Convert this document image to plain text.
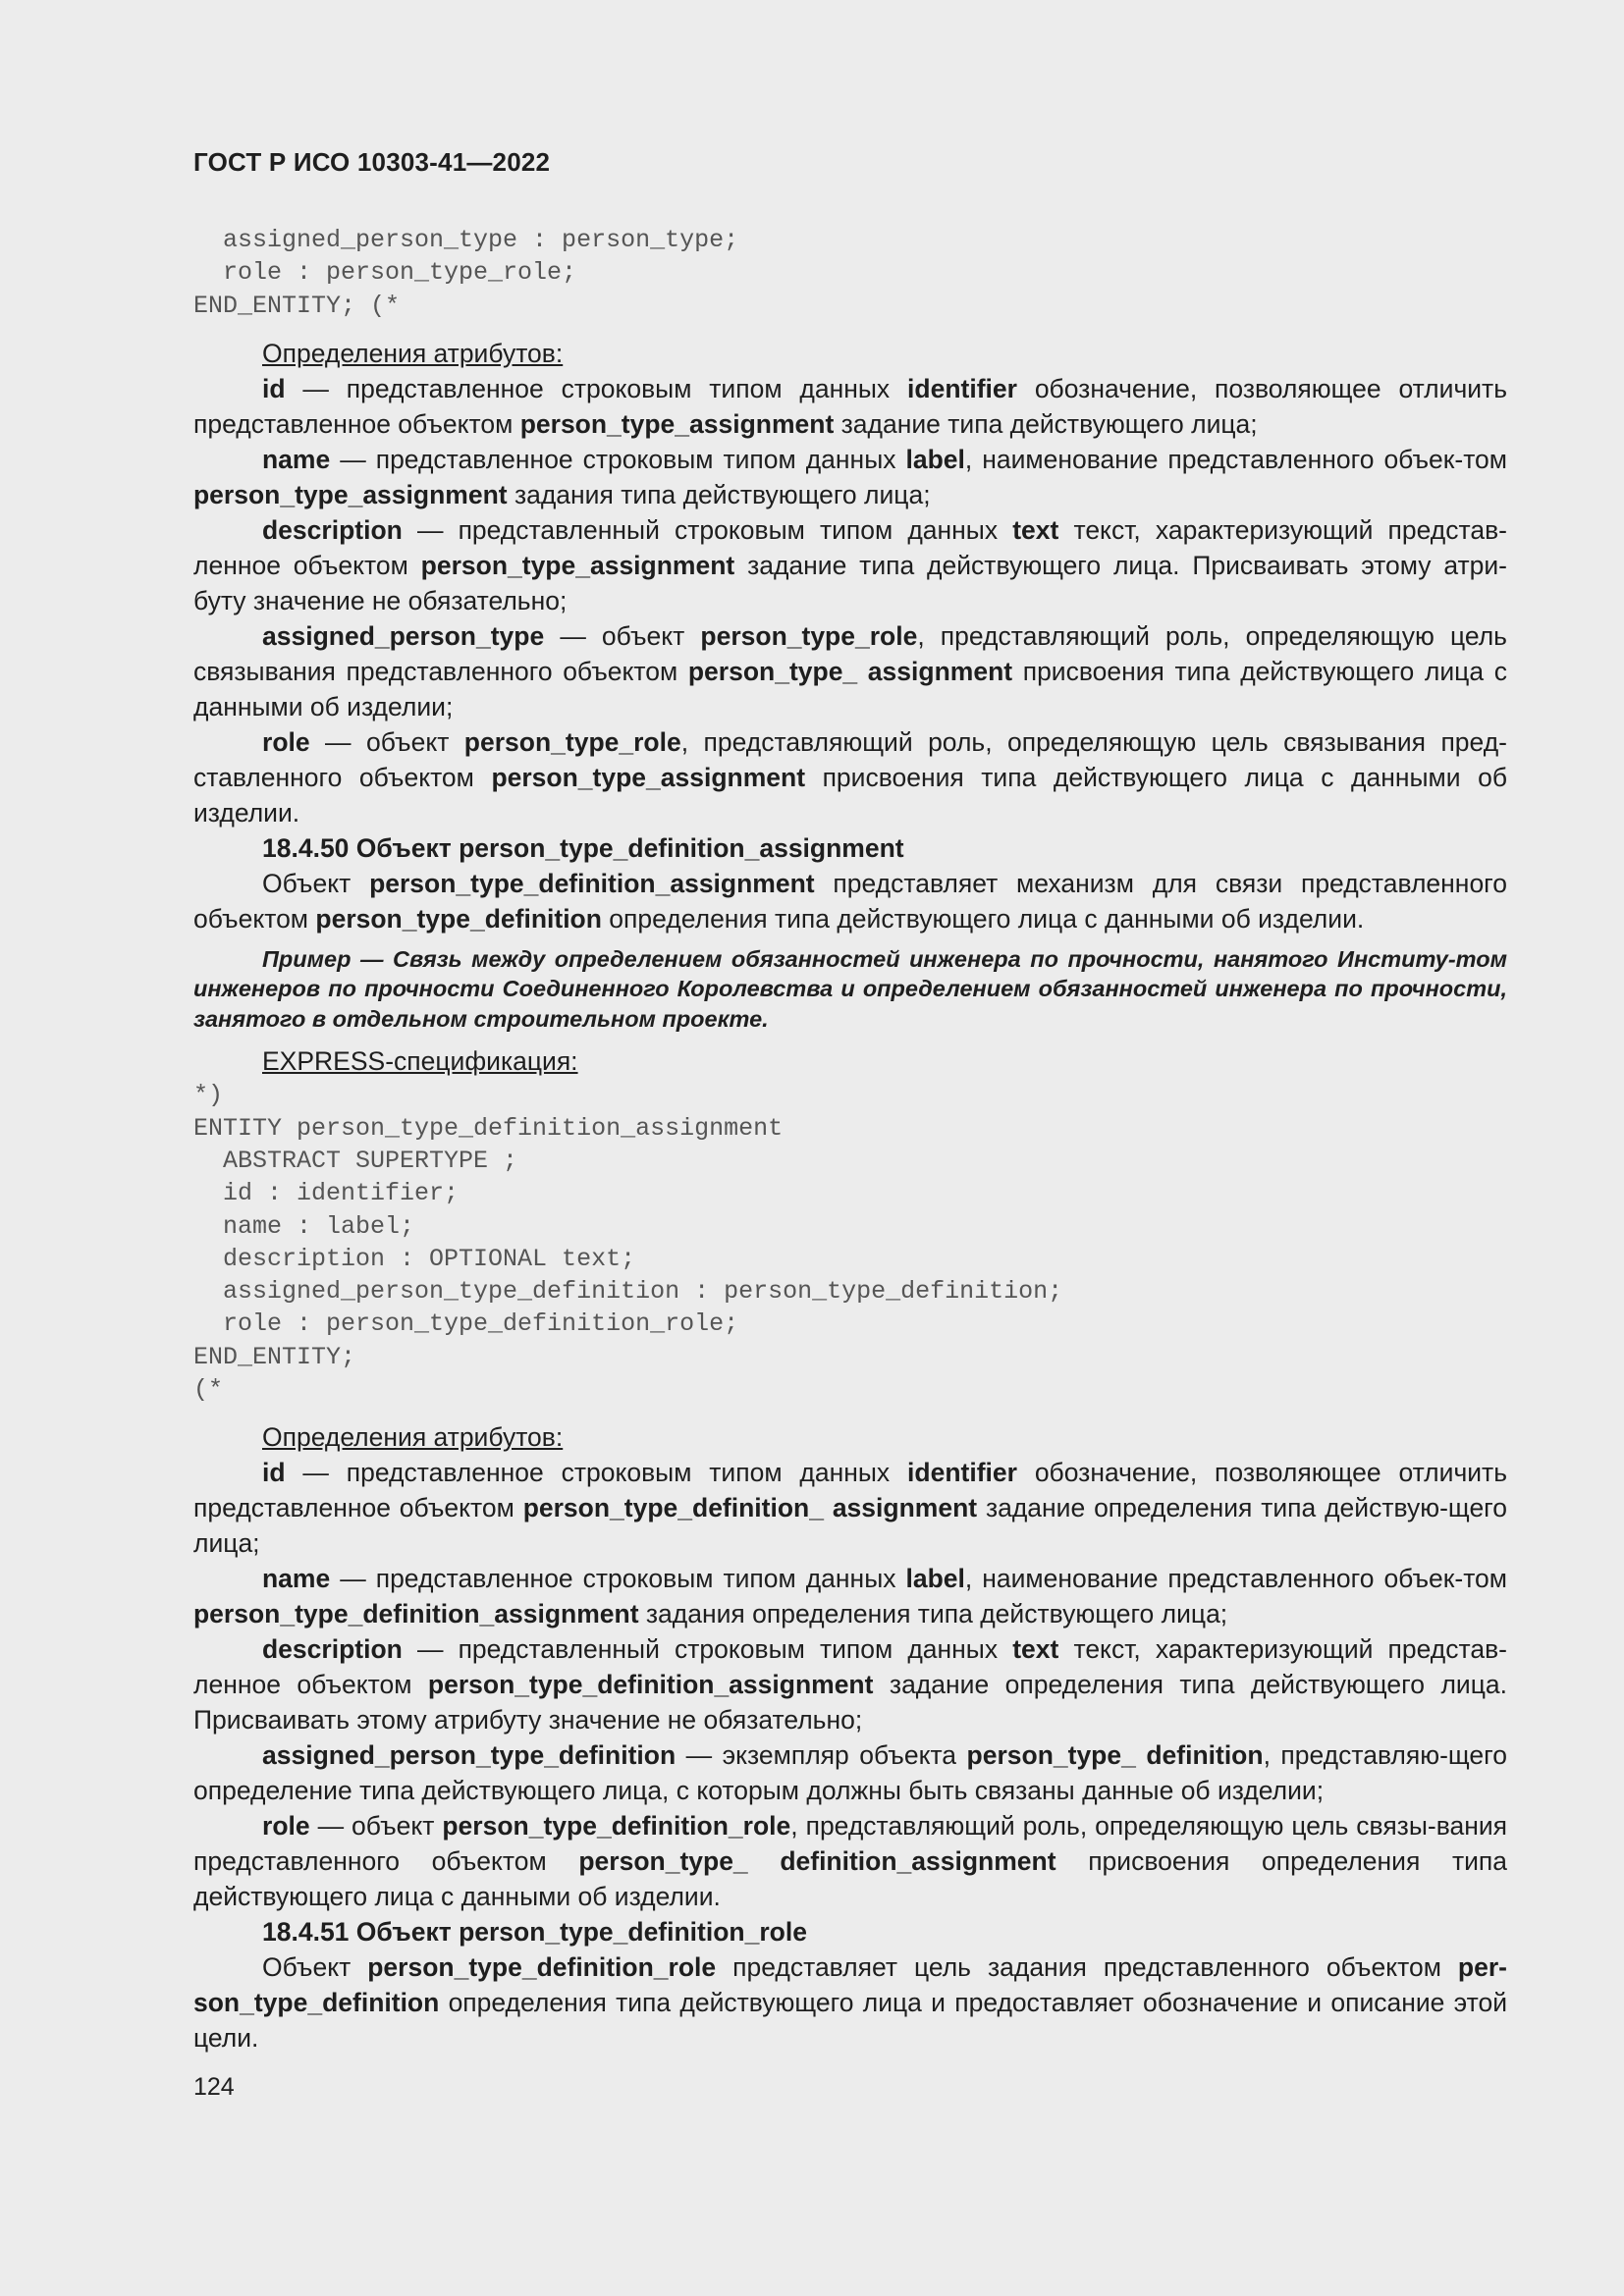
ГОСТ Р ИСО 10303-41—2022
assigned_person_type : person_type;
role : person_type_role;
END_ENTITY; (*

Определения атрибутов:

id — представленное строковым типом данных identifier обозначение, позволяющее отличить представленное объектом person_type_assignment задание типа действующего лица;

name — представленное строковым типом данных label, наименование представленного объек-том person_type_assignment задания типа действующего лица;

description — представленный строковым типом данных text текст, характеризующий представ-ленное объектом person_type_assignment задание типа действующего лица. Присваивать этому атри-буту значение не обязательно;

assigned_person_type — объект person_type_role, представляющий роль, определяющую цель связывания представленного объектом person_type_ assignment присвоения типа действующего лица с данными об изделии;

role — объект person_type_role, представляющий роль, определяющую цель связывания пред-ставленного объектом person_type_assignment присвоения типа действующего лица с данными об изделии.

18.4.50 Объект person_type_definition_assignment

Объект person_type_definition_assignment представляет механизм для связи представленного объектом person_type_definition определения типа действующего лица с данными об изделии.

Пример — Связь между определением обязанностей инженера по прочности, нанятого Институ-том инженеров по прочности Соединенного Королевства и определением обязанностей инженера по прочности, занятого в отдельном строительном проекте.

EXPRESS-спецификация:

*)
ENTITY person_type_definition_assignment
ABSTRACT SUPERTYPE ;
id : identifier;
name : label;
description : OPTIONAL text;
assigned_person_type_definition : person_type_definition;
role : person_type_definition_role;
END_ENTITY;
(*

Определения атрибутов:

id — представленное строковым типом данных identifier обозначение, позволяющее отличить представленное объектом person_type_definition_ assignment задание определения типа действую-щего лица;

name — представленное строковым типом данных label, наименование представленного объек-том person_type_definition_assignment задания определения типа действующего лица;

description — представленный строковым типом данных text текст, характеризующий представ-ленное объектом person_type_definition_assignment задание определения типа действующего лица. Присваивать этому атрибуту значение не обязательно;

assigned_person_type_definition — экземпляр объекта person_type_ definition, представляю-щего определение типа действующего лица, с которым должны быть связаны данные об изделии;

role — объект person_type_definition_role, представляющий роль, определяющую цель связы-вания представленного объектом person_type_ definition_assignment присвоения определения типа действующего лица с данными об изделии.

18.4.51 Объект person_type_definition_role

Объект person_type_definition_role представляет цель задания представленного объектом per-son_type_definition определения типа действующего лица и предоставляет обозначение и описание этой цели.

124
